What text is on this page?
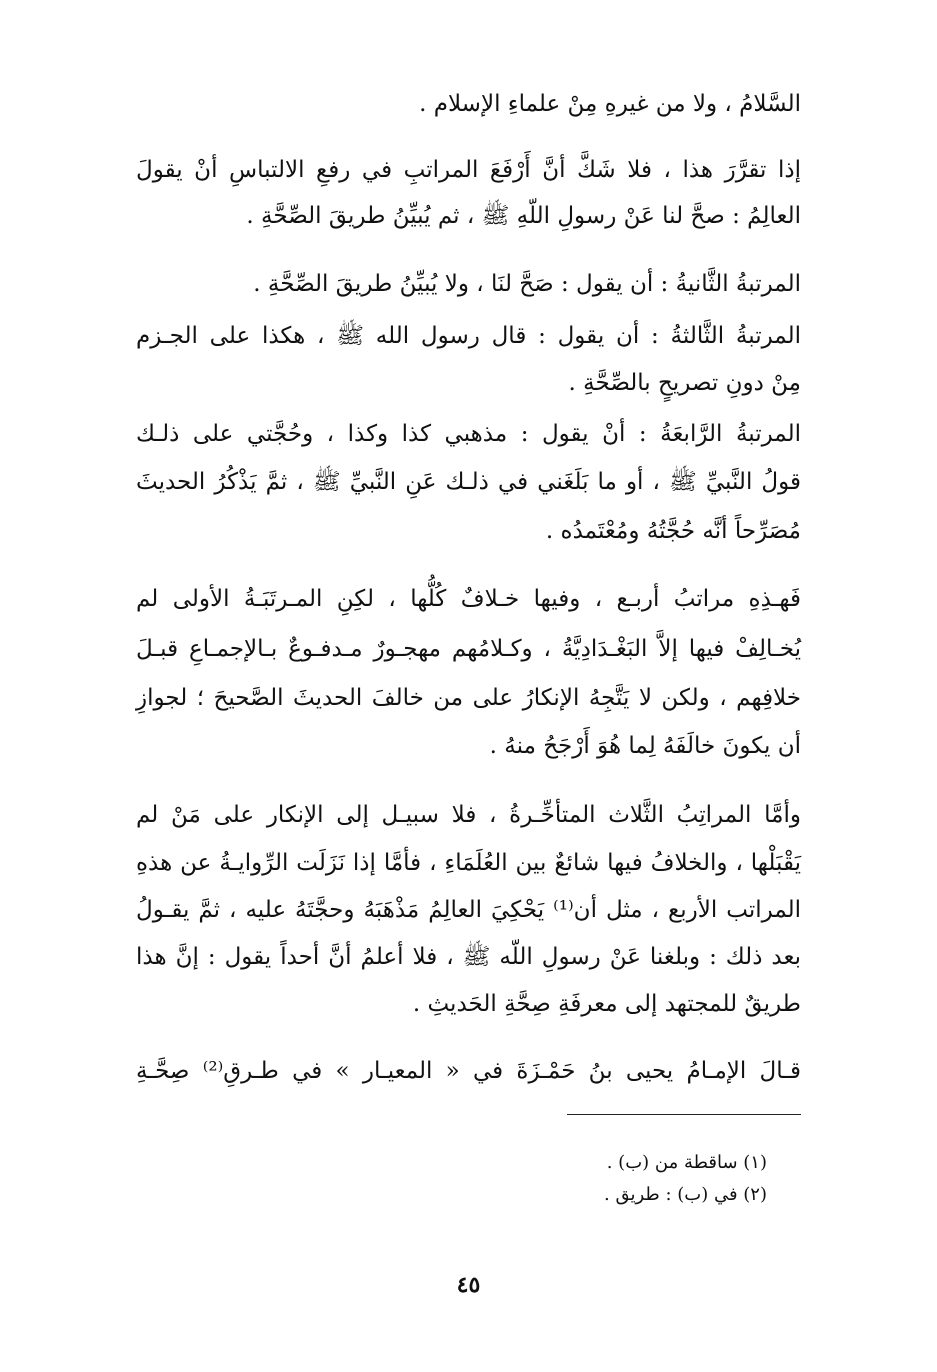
السَّلامُ ، ولا من غيرهِ مِنْ علماءِ الإسلام .

إذا تقرَّرَ هذا ، فلا شَكَّ أنَّ أَرْفَعَ المراتبِ في رفعِ الالتباسِ أنْ يقولَ

العالِمُ : صحَّ لنا عَنْ رسولِ اللّهِ ﷺ ، ثم يُبيِّنُ طريقَ الصِّحَّةِ .

المرتبةُ الثَّانيةُ : أن يقول : صَحَّ لنَا ، ولا يُبيِّنُ طريقَ الصِّحَّةِ .

المرتبةُ الثَّالثةُ : أن يقول : قال رسول الله ﷺ ، هكذا على الجـزم

مِنْ دونِ تصريحٍ بالصِّحَّةِ .

المرتبةُ الرَّابعَةُ : أنْ يقول : مذهبي كذا وكذا ، وحُجَّتي على ذلـك

قولُ النَّبيِّ ﷺ ، أو ما بَلَغَني في ذلـك عَنِ النَّبيِّ ﷺ ، ثمَّ يَذْكُرُ الحديثَ

مُصَرِّحاً أنَّه حُجَّتُهُ ومُعْتَمدُه .

فَهـذِهِ مراتبُ أربـع ، وفيها خـلافٌ كُلُّها ، لكِنِ المـرتَبَـةُ الأولى لم

يُخـالِفْ فيها إلاَّ البَغْـدَادِيَّةُ ، وكـلامُهم مهجـورٌ مـدفـوعٌ بـالإجمـاعِ قبـلَ

خلافِهم ، ولكن لا يَتَّجِهُ الإنكارُ على من خالفَ الحديثَ الصَّحيحَ ؛ لجوازِ

أن يكونَ خالَفَهُ لِما هُوَ أَرْجَحُ منهُ .

وأمَّا المراتِبُ الثَّلاث المتأخِّـرةُ ، فلا سبيـل إلى الإنكار على مَنْ لم

يَقْبَلْها ، والخلافُ فيها شائعٌ بين العُلَمَاءِ ، فأمَّا إذا نَزَلَت الرِّوايـةُ عن هذهِ

المراتب الأربع ، مثل أن⁽¹⁾ يَحْكِيَ العالِمُ مَذْهَبَهُ وحجَّتَهُ عليه ، ثمَّ يقـولُ

بعد ذلك : وبلغنا عَنْ رسولِ اللّه ﷺ ، فلا أعلمُ أنَّ أحداً يقول : إنَّ هذا

طريقٌ للمجتهد إلى معرفَةِ صِحَّةِ الحَديثِ .

قـالَ الإمـامُ يحيى بنُ حَمْـزَةَ في « المعيـار » في طـرقِ⁽²⁾ صِحَّـةِ

(١) ساقطة من (ب) .

(٢) في (ب) : طريق .

٤٥
